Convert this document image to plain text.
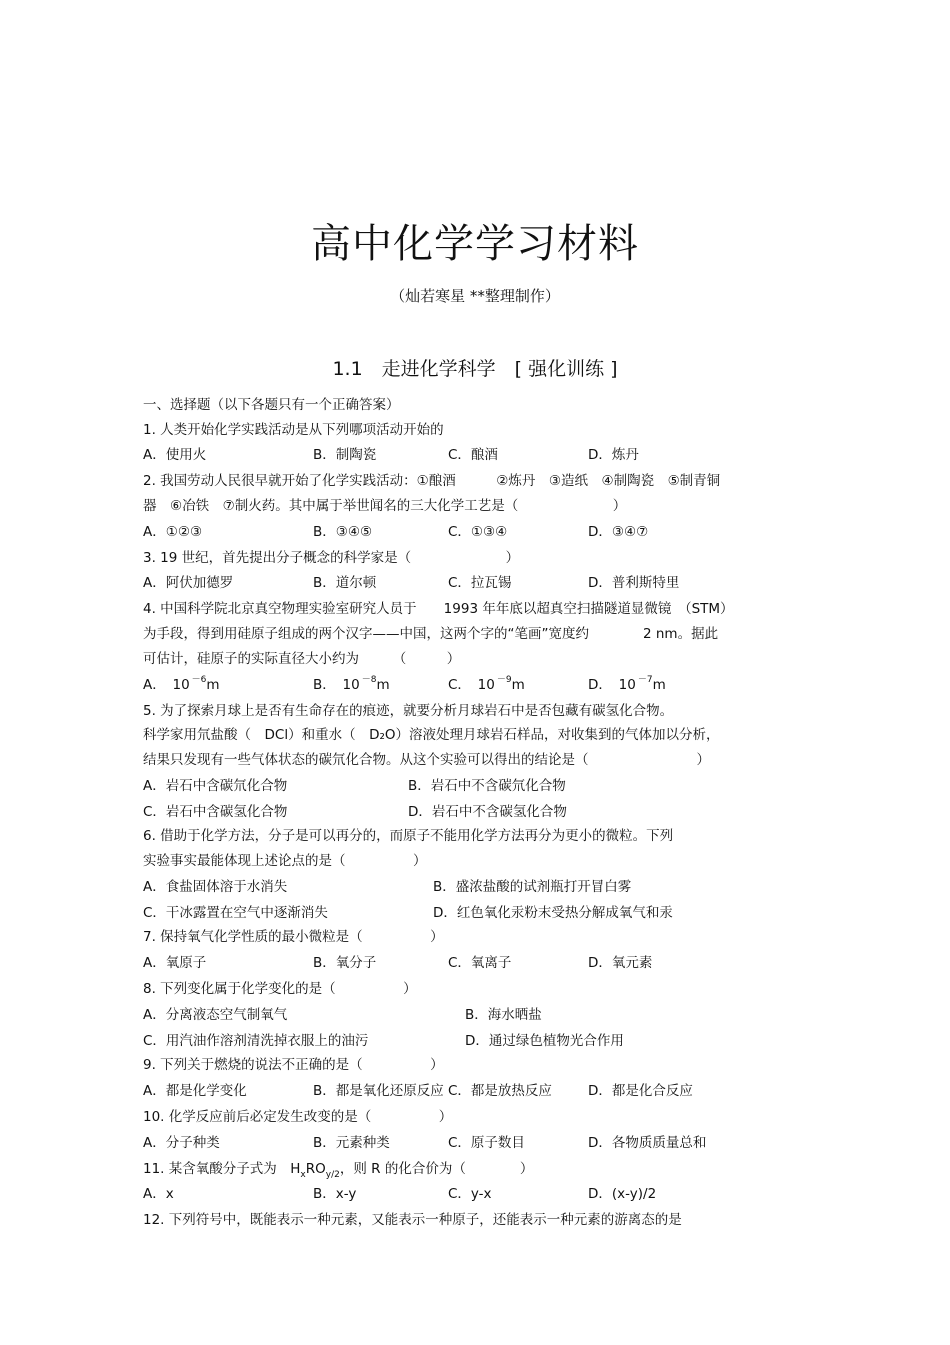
高中化学学习材料
（灿若寒星 **整理制作）
1.1　走进化学科学　[ 强化训练 ]
一、选择题（以下各题只有一个正确答案）
1. 人类开始化学实践活动是从下列哪项活动开始的
A．使用火	B．制陶瓷	C．酿酒	D．炼丹
2. 我国劳动人民很早就开始了化学实践活动：①酿酒　　　②炼丹　③造纸　④制陶瓷　⑤制青铜
器　⑥冶铁　⑦制火药。其中属于举世闻名的三大化学工艺是（　　　　　　　）
A．①②③	B．③④⑤	C．①③④	D．③④⑦
3. 19 世纪，首先提出分子概念的科学家是（　　　　　　　）
A．阿伏加德罗	B．道尔顿	C．拉瓦锡	D．普利斯特里
4. 中国科学院北京真空物理实验室研究人员于　　1993 年年底以超真空扫描隧道显微镜　（STM）
为手段，得到用硅原子组成的两个汉字——中国，这两个字的“笔画”宽度约　　　　2 nm。据此
可估计，硅原子的实际直径大小约为　　　（　　　）
A．　10 $^{-6}$m	B．　10 $^{-8}$m	C．　10 $^{-9}$m	D．　10 $^{-7}$m
5. 为了探索月球上是否有生命存在的痕迹，就要分析月球岩石中是否包藏有碳氢化合物。
科学家用氘盐酸（　DCl）和重水（　D₂O）溶液处理月球岩石样品，对收集到的气体加以分析，
结果只发现有一些气体状态的碳氘化合物。从这个实验可以得出的结论是（　　　　　　　　）
A．岩石中含碳氘化合物	B．岩石中不含碳氘化合物
C．岩石中含碳氢化合物	D．岩石中不含碳氢化合物
6. 借助于化学方法，分子是可以再分的，而原子不能用化学方法再分为更小的微粒。下列
实验事实最能体现上述论点的是（　　　　　）
A．食盐固体溶于水消失	B．盛浓盐酸的试剂瓶打开冒白雾
C．干冰露置在空气中逐渐消失	D．红色氧化汞粉末受热分解成氧气和汞
7. 保持氧气化学性质的最小微粒是（　　　　　）
A．氧原子	B．氧分子	C．氧离子	D．氧元素
8. 下列变化属于化学变化的是（　　　　　）
A．分离液态空气制氧气	B．海水晒盐
C．用汽油作溶剂清洗掉衣服上的油污	D．通过绿色植物光合作用
9. 下列关于燃烧的说法不正确的是（　　　　　）
A．都是化学变化	B．都是氧化还原反应 C．都是放热反应	D．都是化合反应
10. 化学反应前后必定发生改变的是（　　　　　）
A．分子种类	B．元素种类	C．原子数目	D．各物质质量总和
11. 某含氧酸分子式为　$H_xRO_{y/2}$，则 R 的化合价为（　　　　）
A．x	B．x-y	C．y-x	D．(x-y)/2
12. 下列符号中，既能表示一种元素，又能表示一种原子，还能表示一种元素的游离态的是
